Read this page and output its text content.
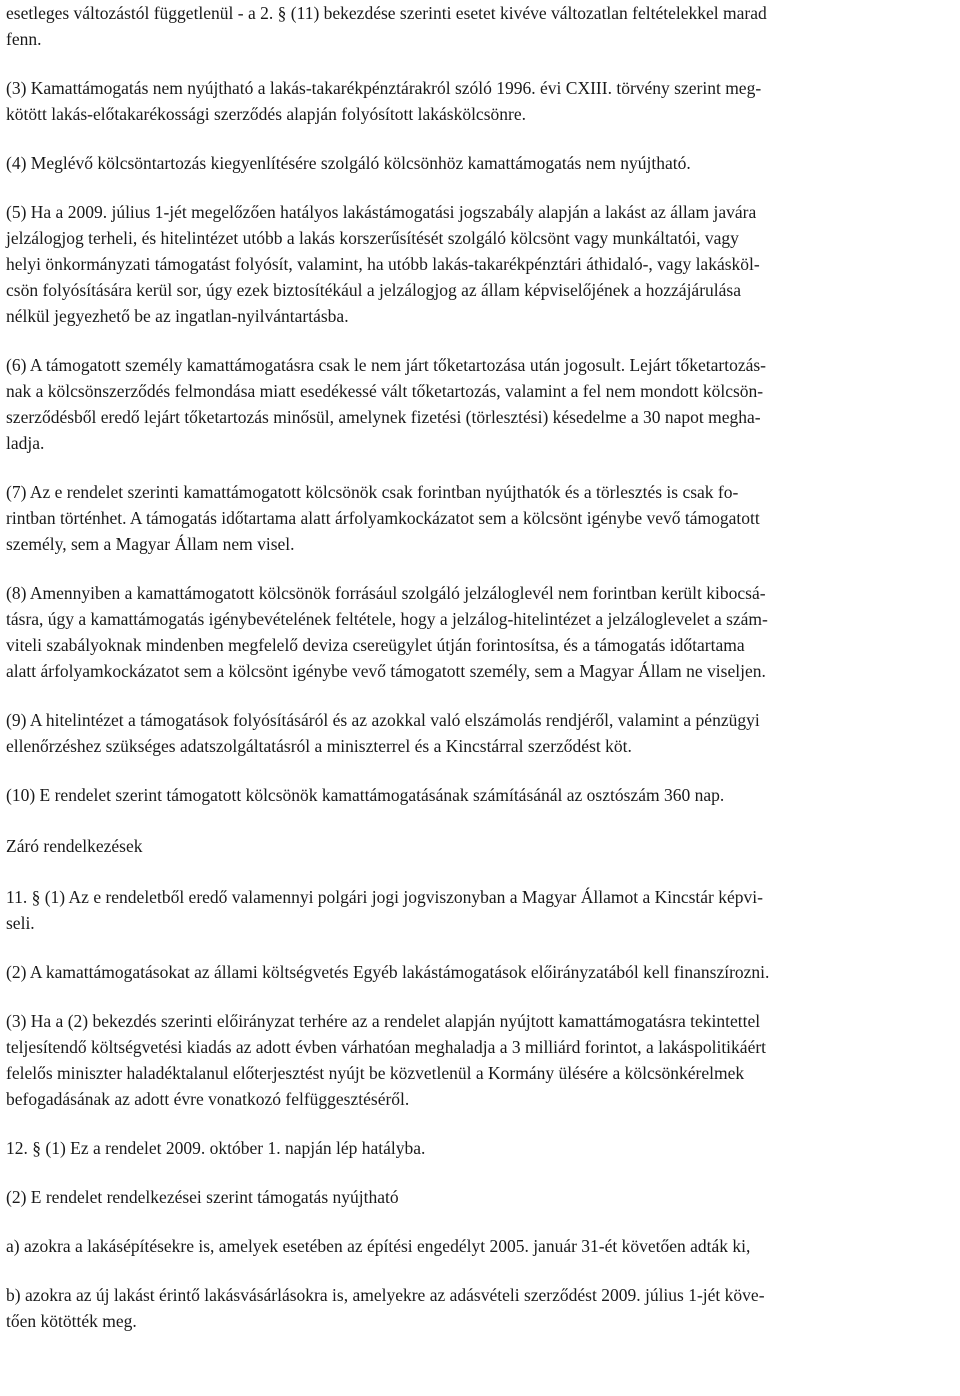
esetleges változástól függetlenül - a 2. § (11) bekezdése szerinti esetet kivéve változatlan feltételekkel marad
fenn.

(3) Kamattámogatás nem nyújtható a lakás-takarékpénztárakról szóló 1996. évi CXIII. törvény szerint meg-
kötött lakás-előtakarékossági szerződés alapján folyósított lakáskölcsönre.

(4) Meglévő kölcsöntartozás kiegyenlítésére szolgáló kölcsönhöz kamattámogatás nem nyújtható.

(5) Ha a 2009. július 1-jét megelőzően hatályos lakástámogatási jogszabály alapján a lakást az állam javára
jelzálogjog terheli, és hitelintézet utóbb a lakás korszerűsítését szolgáló kölcsönt vagy munkáltatói, vagy
helyi önkormányzati támogatást folyósít, valamint, ha utóbb lakás-takarékpénztári áthidaló-, vagy lakásköl-
csön folyósítására kerül sor, úgy ezek biztosítékául a jelzálogjog az állam képviselőjének a hozzájárulása
nélkül jegyezhető be az ingatlan-nyilvántartásba.

(6) A támogatott személy kamattámogatásra csak le nem járt tőketartozása után jogosult. Lejárt tőketartozás-
nak a kölcsönszerződés felmondása miatt esedékessé vált tőketartozás, valamint a fel nem mondott kölcsön-
szerződésből eredő lejárt tőketartozás minősül, amelynek fizetési (törlesztési) késedelme a 30 napot megha-
ladja.

(7) Az e rendelet szerinti kamattámogatott kölcsönök csak forintban nyújthatók és a törlesztés is csak fo-
rintban történhet. A támogatás időtartama alatt árfolyamkockázatot sem a kölcsönt igénybe vevő támogatott
személy, sem a Magyar Állam nem visel.

(8) Amennyiben a kamattámogatott kölcsönök forrásául szolgáló jelzáloglevél nem forintban került kibocsá-
tásra, úgy a kamattámogatás igénybevételének feltétele, hogy a jelzálog-hitelintézet a jelzáloglevelet a szám-
viteli szabályoknak mindenben megfelelő deviza csereügylet útján forintosítsa, és a támogatás időtartama
alatt árfolyamkockázatot sem a kölcsönt igénybe vevő támogatott személy, sem a Magyar Állam ne viseljen.

(9) A hitelintézet a támogatások folyósításáról és az azokkal való elszámolás rendjéről, valamint a pénzügyi
ellenőrzéshez szükséges adatszolgáltatásról a miniszterrel és a Kincstárral szerződést köt.

(10) E rendelet szerint támogatott kölcsönök kamattámogatásának számításánál az osztószám 360 nap.

Záró rendelkezések

11. § (1) Az e rendeletből eredő valamennyi polgári jogi jogviszonyban a Magyar Államot a Kincstár képvi-
seli.

(2) A kamattámogatásokat az állami költségvetés Egyéb lakástámogatások előirányzatából kell finanszírozni.

(3) Ha a (2) bekezdés szerinti előirányzat terhére az a rendelet alapján nyújtott kamattámogatásra tekintettel
teljesítendő költségvetési kiadás az adott évben várhatóan meghaladja a 3 milliárd forintot, a lakáspolitikáért
felelős miniszter haladéktalanul előterjesztést nyújt be közvetlenül a Kormány ülésére a kölcsönkérelmek
befogadásának az adott évre vonatkozó felfüggesztéséről.

12. § (1) Ez a rendelet 2009. október 1. napján lép hatályba.

(2) E rendelet rendelkezései szerint támogatás nyújtható

a) azokra a lakásépítésekre is, amelyek esetében az építési engedélyt 2005. január 31-ét követően adták ki,

b) azokra az új lakást érintő lakásvásárlásokra is, amelyekre az adásvételi szerződést 2009. július 1-jét köve-
tően kötötték meg.
